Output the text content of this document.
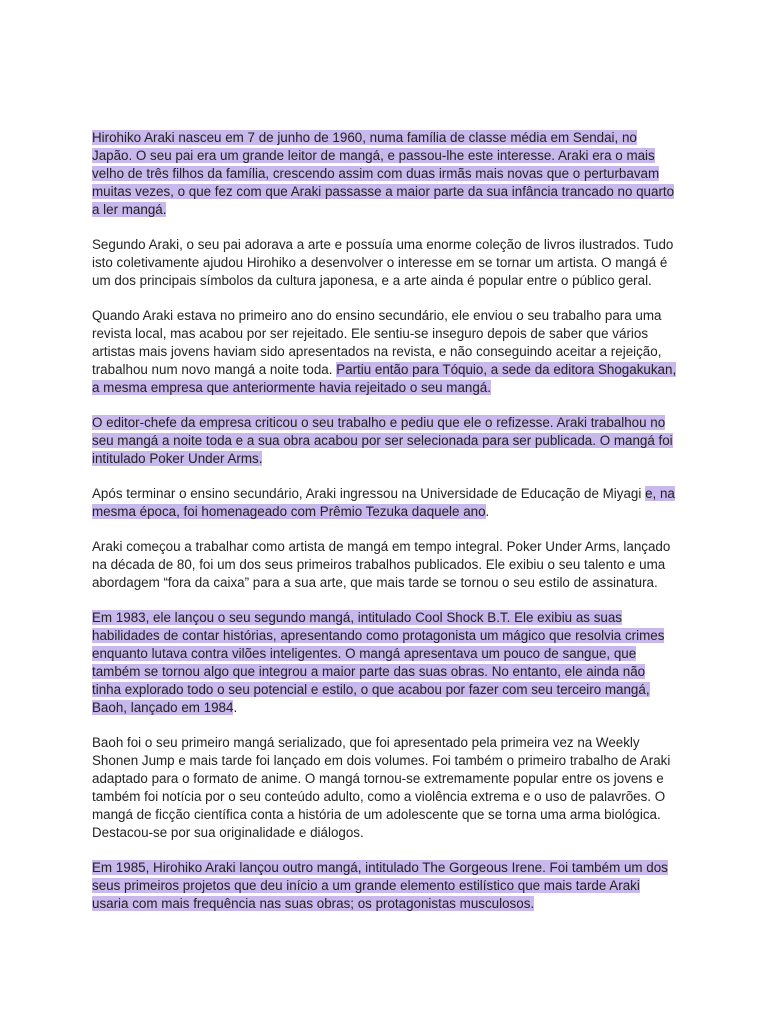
Hirohiko Araki nasceu em 7 de junho de 1960, numa família de classe média em Sendai, no Japão. O seu pai era um grande leitor de mangá, e passou-lhe este interesse. Araki era o mais velho de três filhos da família, crescendo assim com duas irmãs mais novas que o perturbavam muitas vezes, o que fez com que Araki passasse a maior parte da sua infância trancado no quarto a ler mangá.

Segundo Araki, o seu pai adorava a arte e possuía uma enorme coleção de livros ilustrados. Tudo isto coletivamente ajudou Hirohiko a desenvolver o interesse em se tornar um artista. O mangá é um dos principais símbolos da cultura japonesa, e a arte ainda é popular entre o público geral.

Quando Araki estava no primeiro ano do ensino secundário, ele enviou o seu trabalho para uma revista local, mas acabou por ser rejeitado. Ele sentiu-se inseguro depois de saber que vários artistas mais jovens haviam sido apresentados na revista, e não conseguindo aceitar a rejeição, trabalhou num novo mangá a noite toda. Partiu então para Tóquio, a sede da editora Shogakukan, a mesma empresa que anteriormente havia rejeitado o seu mangá.

O editor-chefe da empresa criticou o seu trabalho e pediu que ele o refizesse. Araki trabalhou no seu mangá a noite toda e a sua obra acabou por ser selecionada para ser publicada. O mangá foi intitulado Poker Under Arms.

Após terminar o ensino secundário, Araki ingressou na Universidade de Educação de Miyagi e, na mesma época, foi homenageado com Prêmio Tezuka daquele ano.

Araki começou a trabalhar como artista de mangá em tempo integral. Poker Under Arms, lançado na década de 80, foi um dos seus primeiros trabalhos publicados. Ele exibiu o seu talento e uma abordagem “fora da caixa” para a sua arte, que mais tarde se tornou o seu estilo de assinatura.

Em 1983, ele lançou o seu segundo mangá, intitulado Cool Shock B.T. Ele exibiu as suas habilidades de contar histórias, apresentando como protagonista um mágico que resolvia crimes enquanto lutava contra vilões inteligentes. O mangá apresentava um pouco de sangue, que também se tornou algo que integrou a maior parte das suas obras. No entanto, ele ainda não tinha explorado todo o seu potencial e estilo, o que acabou por fazer com seu terceiro mangá, Baoh, lançado em 1984.

Baoh foi o seu primeiro mangá serializado, que foi apresentado pela primeira vez na Weekly Shonen Jump e mais tarde foi lançado em dois volumes. Foi também o primeiro trabalho de Araki adaptado para o formato de anime. O mangá tornou-se extremamente popular entre os jovens e também foi notícia por o seu conteúdo adulto, como a violência extrema e o uso de palavrões. O mangá de ficção científica conta a história de um adolescente que se torna uma arma biológica. Destacou-se por sua originalidade e diálogos.

Em 1985, Hirohiko Araki lançou outro mangá, intitulado The Gorgeous Irene. Foi também um dos seus primeiros projetos que deu início a um grande elemento estilístico que mais tarde Araki usaria com mais frequência nas suas obras; os protagonistas musculosos.
